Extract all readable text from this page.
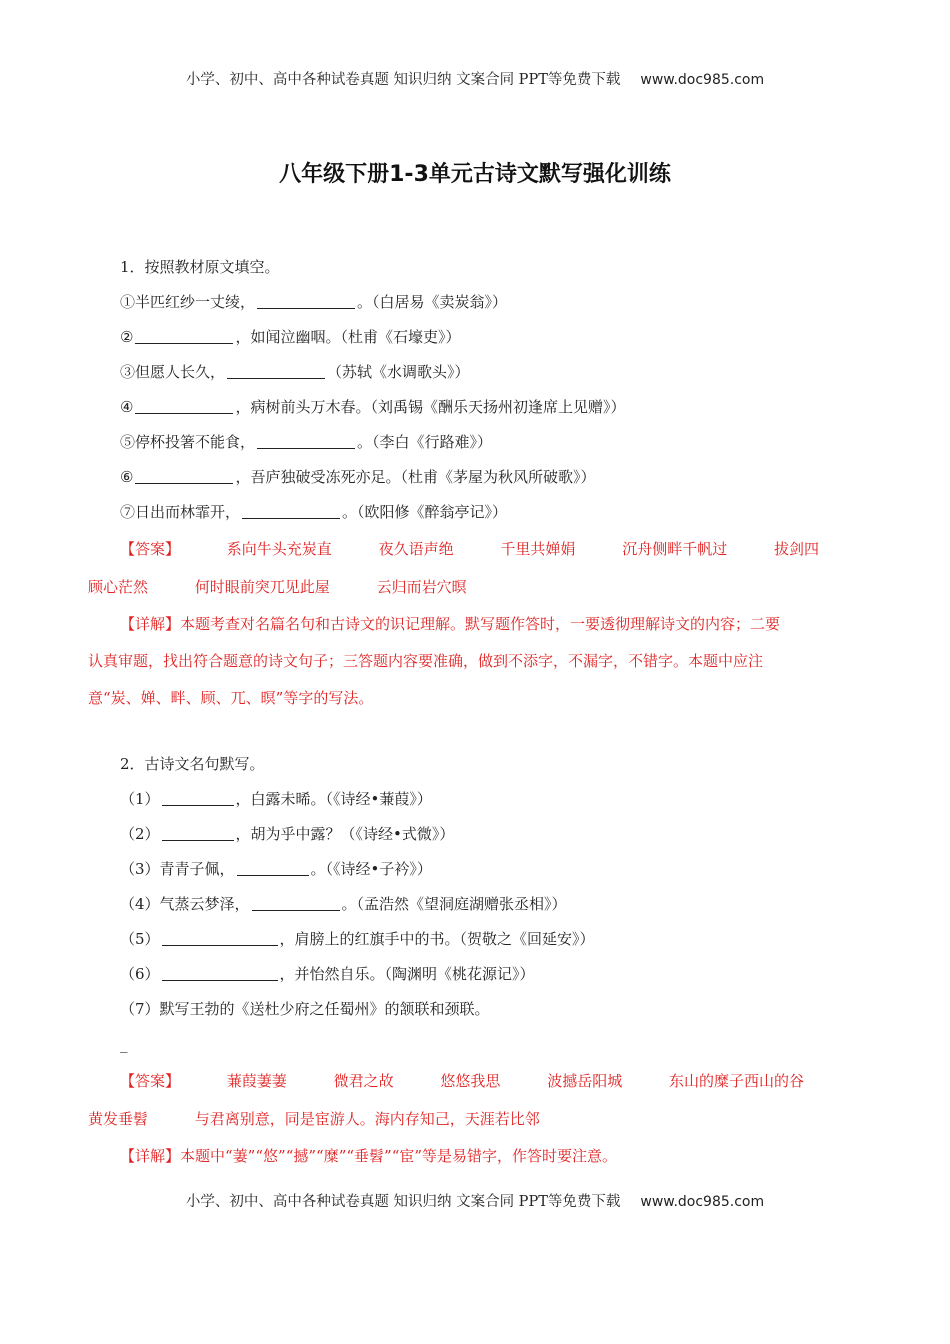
小学、初中、高中各种试卷真题 知识归纳 文案合同 PPT等免费下载 www.doc985.com
八年级下册1-3单元古诗文默写强化训练
1．按照教材原文填空。
①半匹红纱一丈绫，	。（白居易《卖炭翁》）
②	，如闻泣幽咽。（杜甫《石壕吏》）
③但愿人长久，	（苏轼《水调歌头》）
④	，病树前头万木春。（刘禹锡《酬乐天扬州初逢席上见赠》）
⑤停杯投箸不能食，	。（李白《行路难》）
⑥	，吾庐独破受冻死亦足。（杜甫《茅屋为秋风所破歌》）
⑦日出而林霏开，	。（欧阳修《醉翁亭记》）
【答案】	系向牛头充炭直	夜久语声绝	千里共婵娟	沉舟侧畔千帆过	拔剑四
顾心茫然	何时眼前突兀见此屋	云归而岩穴暝
【详解】本题考查对名篇名句和古诗文的识记理解。默写题作答时，一要透彻理解诗文的内容；二要
认真审题，找出符合题意的诗文句子；三答题内容要准确，做到不添字，不漏字，不错字。本题中应注
意“炭、婵、畔、顾、兀、暝”等字的写法。
2．古诗文名句默写。
（1）	，白露未晞。（《诗经•蒹葭》）
（2）	，胡为乎中露？（《诗经•式微》）
（3）青青子佩，	。（《诗经•子衿》）
（4）气蒸云梦泽，	。（孟浩然《望洞庭湖赠张丞相》）
（5）	，肩膀上的红旗手中的书。（贺敬之《回延安》）
（6）	，并怡然自乐。（陶渊明《桃花源记》）
（7）默写王勃的《送杜少府之任蜀州》的颔联和颈联。
_
【答案】	蒹葭萋萋	微君之故	悠悠我思	波撼岳阳城	东山的糜子西山的谷
黄发垂髫	与君离别意，同是宦游人。海内存知己，天涯若比邻
【详解】本题中“萋”“悠”“撼”“糜”“垂髫”“宦”等是易错字，作答时要注意。
小学、初中、高中各种试卷真题 知识归纳 文案合同 PPT等免费下载 www.doc985.com
